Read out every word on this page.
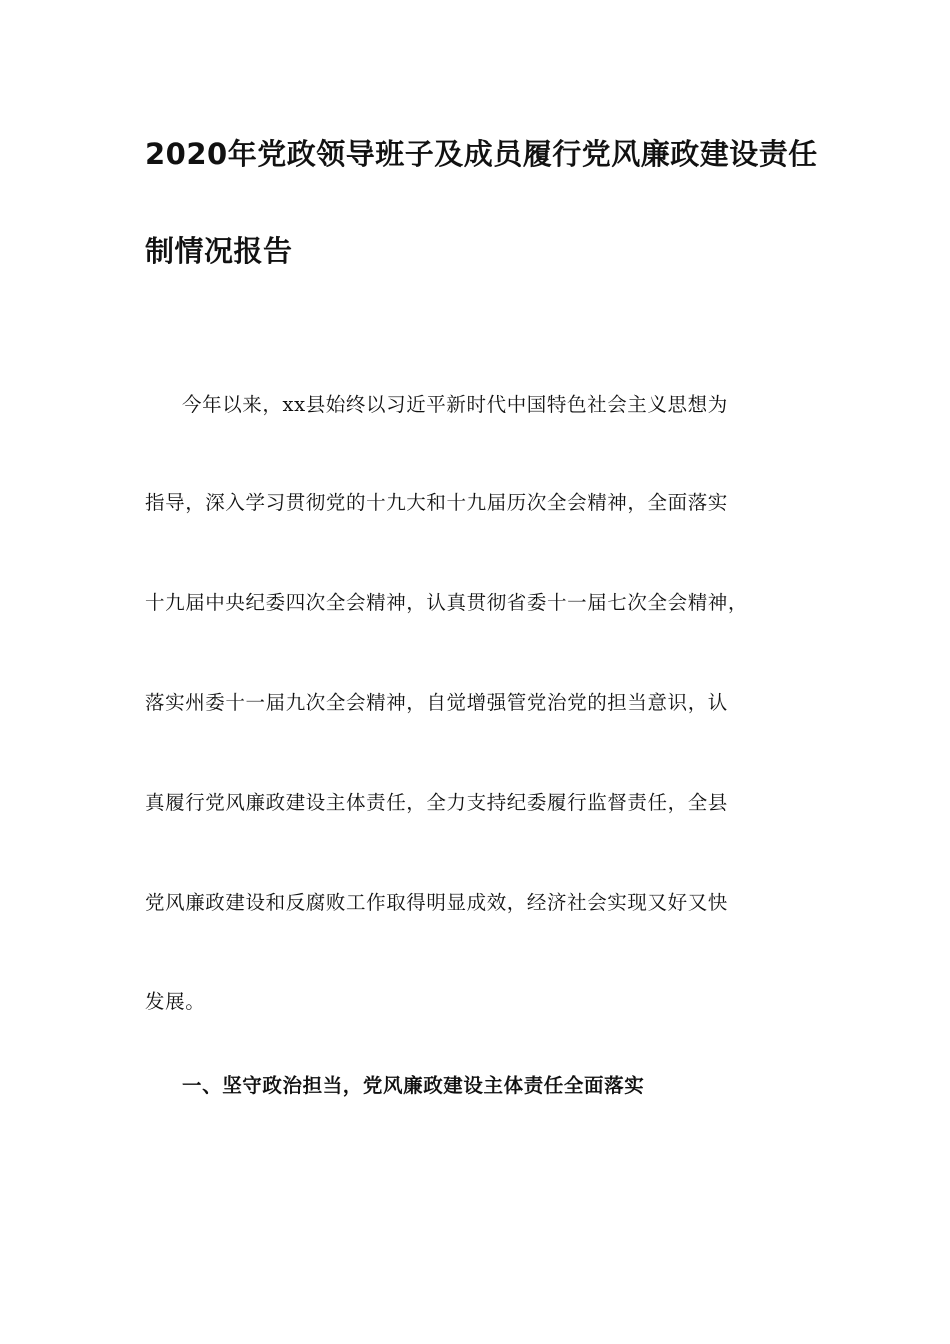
2020年党政领导班子及成员履行党风廉政建设责任
制情况报告
今年以来，xx县始终以习近平新时代中国特色社会主义思想为
指导，深入学习贯彻党的十九大和十九届历次全会精神，全面落实
十九届中央纪委四次全会精神，认真贯彻省委十一届七次全会精神，
落实州委十一届九次全会精神，自觉增强管党治党的担当意识，认
真履行党风廉政建设主体责任，全力支持纪委履行监督责任，全县
党风廉政建设和反腐败工作取得明显成效，经济社会实现又好又快
发展。
一、坚守政治担当，党风廉政建设主体责任全面落实
